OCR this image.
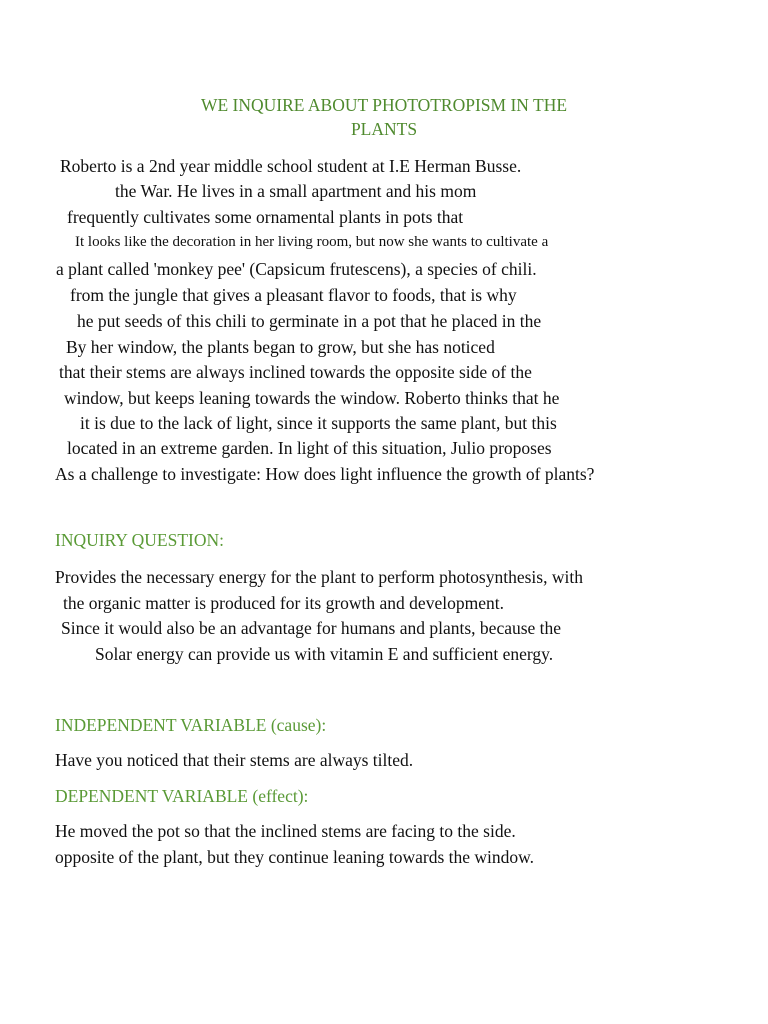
WE INQUIRE ABOUT PHOTOTROPISM IN THE
PLANTS
Roberto is a 2nd year middle school student at I.E Herman Busse.
the War. He lives in a small apartment and his mom
frequently cultivates some ornamental plants in pots that
It looks like the decoration in her living room, but now she wants to cultivate a
a plant called 'monkey pee' (Capsicum frutescens), a species of chili.
from the jungle that gives a pleasant flavor to foods, that is why
he put seeds of this chili to germinate in a pot that he placed in the
By her window, the plants began to grow, but she has noticed
that their stems are always inclined towards the opposite side of the
window, but keeps leaning towards the window. Roberto thinks that he
it is due to the lack of light, since it supports the same plant, but this
located in an extreme garden. In light of this situation, Julio proposes
As a challenge to investigate: How does light influence the growth of plants?
INQUIRY QUESTION:
Provides the necessary energy for the plant to perform photosynthesis, with
the organic matter is produced for its growth and development.
Since it would also be an advantage for humans and plants, because the
Solar energy can provide us with vitamin E and sufficient energy.
INDEPENDENT VARIABLE (cause):
Have you noticed that their stems are always tilted.
DEPENDENT VARIABLE (effect):
He moved the pot so that the inclined stems are facing to the side.
opposite of the plant, but they continue leaning towards the window.
